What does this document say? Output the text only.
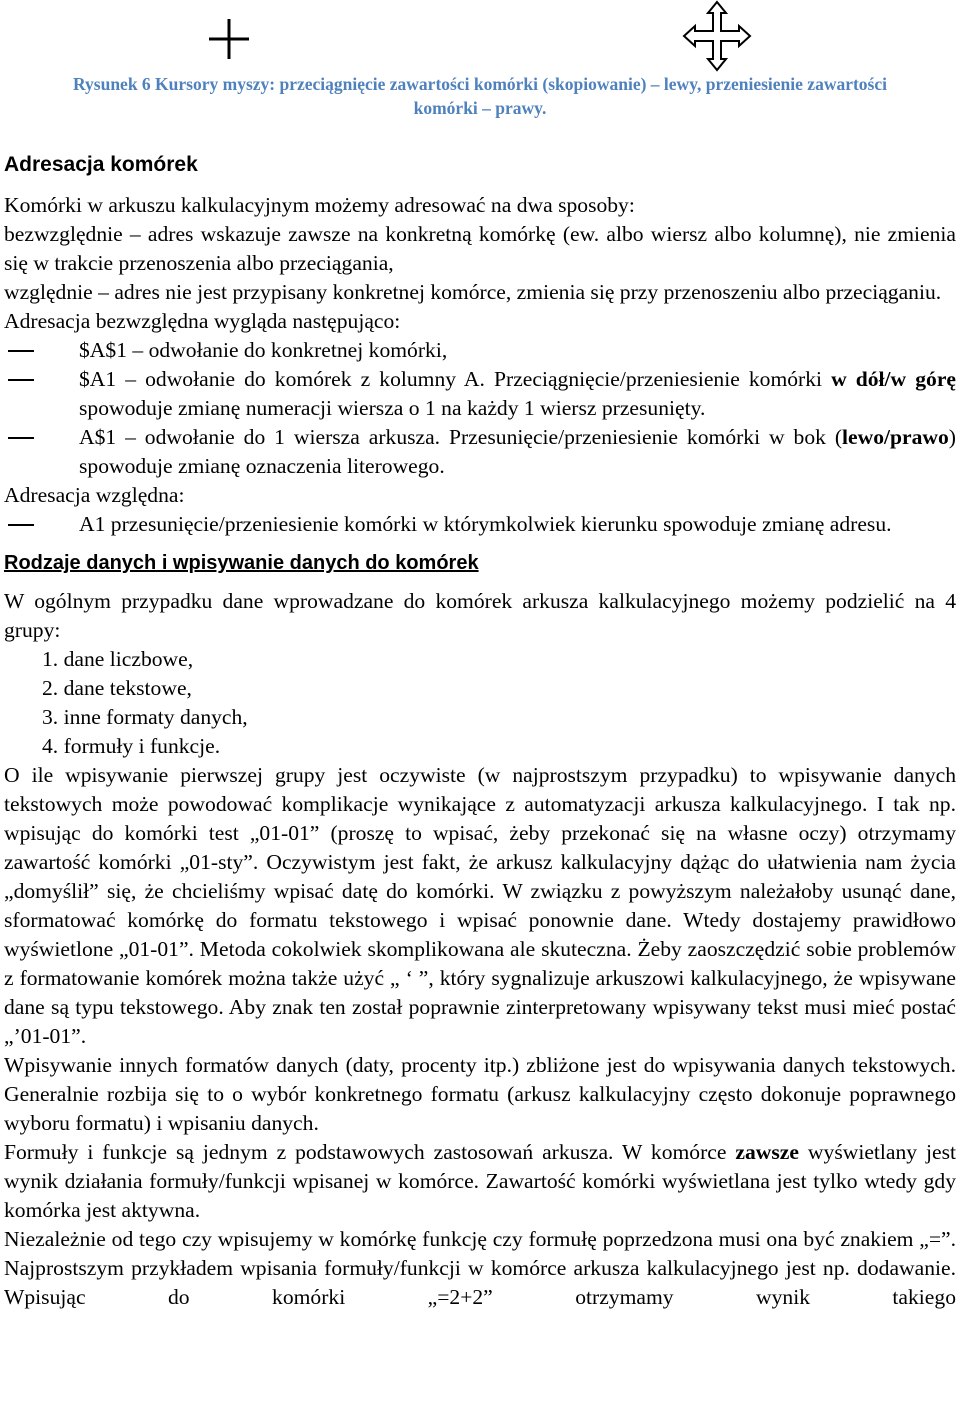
Rysunek 6 Kursory myszy: przeciągnięcie zawartości komórki (skopiowanie) – lewy, przeniesienie zawartości
komórki – prawy.
Adresacja komórek

Komórki w arkuszu kalkulacyjnym możemy adresować na dwa sposoby:

bezwzględnie – adres wskazuje zawsze na konkretną komórkę (ew. albo wiersz albo kolumnę), nie zmienia się w trakcie przenoszenia albo przeciągania,

względnie – adres nie jest przypisany konkretnej komórce, zmienia się przy przenoszeniu albo przeciąganiu.

Adresacja bezwzględna wygląda następująco:

$A$1 – odwołanie do konkretnej komórki,
$A1 – odwołanie do komórek z kolumny A. Przeciągnięcie/przeniesienie komórki w dół/w górę spowoduje zmianę numeracji wiersza o 1 na każdy 1 wiersz przesunięty.
A$1 – odwołanie do 1 wiersza arkusza. Przesunięcie/przeniesienie komórki w bok (lewo/prawo) spowoduje zmianę oznaczenia literowego.

Adresacja względna:

A1 przesunięcie/przeniesienie komórki w którymkolwiek kierunku spowoduje zmianę adresu.
Rodzaje danych i wpisywanie danych do komórek

W ogólnym przypadku dane wprowadzane do komórek arkusza kalkulacyjnego możemy podzielić na 4 grupy:

1. dane liczbowe,
2. dane tekstowe,
3. inne formaty danych,
4. formuły i funkcje.

O ile wpisywanie pierwszej grupy jest oczywiste (w najprostszym przypadku) to wpisywanie danych tekstowych może powodować komplikacje wynikające z automatyzacji arkusza kalkulacyjnego. I tak np. wpisując do komórki test „01-01” (proszę to wpisać, żeby przekonać się na własne oczy) otrzymamy zawartość komórki „01-sty”. Oczywistym jest fakt, że arkusz kalkulacyjny dążąc do ułatwienia nam życia „domyślił” się, że chcieliśmy wpisać datę do komórki. W związku z powyższym należałoby usunąć dane, sformatować komórkę do formatu tekstowego i wpisać ponownie dane. Wtedy dostajemy prawidłowo wyświetlone „01-01”. Metoda cokolwiek skomplikowana ale skuteczna. Żeby zaoszczędzić sobie problemów z formatowanie komórek można także użyć „ ‘ ”, który sygnalizuje arkuszowi kalkulacyjnego, że wpisywane dane są typu tekstowego. Aby znak ten został poprawnie zinterpretowany wpisywany tekst musi mieć postać „’01-01”.

Wpisywanie innych formatów danych (daty, procenty itp.) zbliżone jest do wpisywania danych tekstowych. Generalnie rozbija się to o wybór konkretnego formatu (arkusz kalkulacyjny często dokonuje poprawnego wyboru formatu) i wpisaniu danych.

Formuły i funkcje są jednym z podstawowych zastosowań arkusza. W komórce zawsze wyświetlany jest wynik działania formuły/funkcji wpisanej w komórce. Zawartość komórki wyświetlana jest tylko wtedy gdy komórka jest aktywna.

Niezależnie od tego czy wpisujemy w komórkę funkcję czy formułę poprzedzona musi ona być znakiem „=”. Najprostszym przykładem wpisania formuły/funkcji w komórce arkusza kalkulacyjnego jest np. dodawanie. Wpisując do komórki „=2+2” otrzymamy wynik takiego
